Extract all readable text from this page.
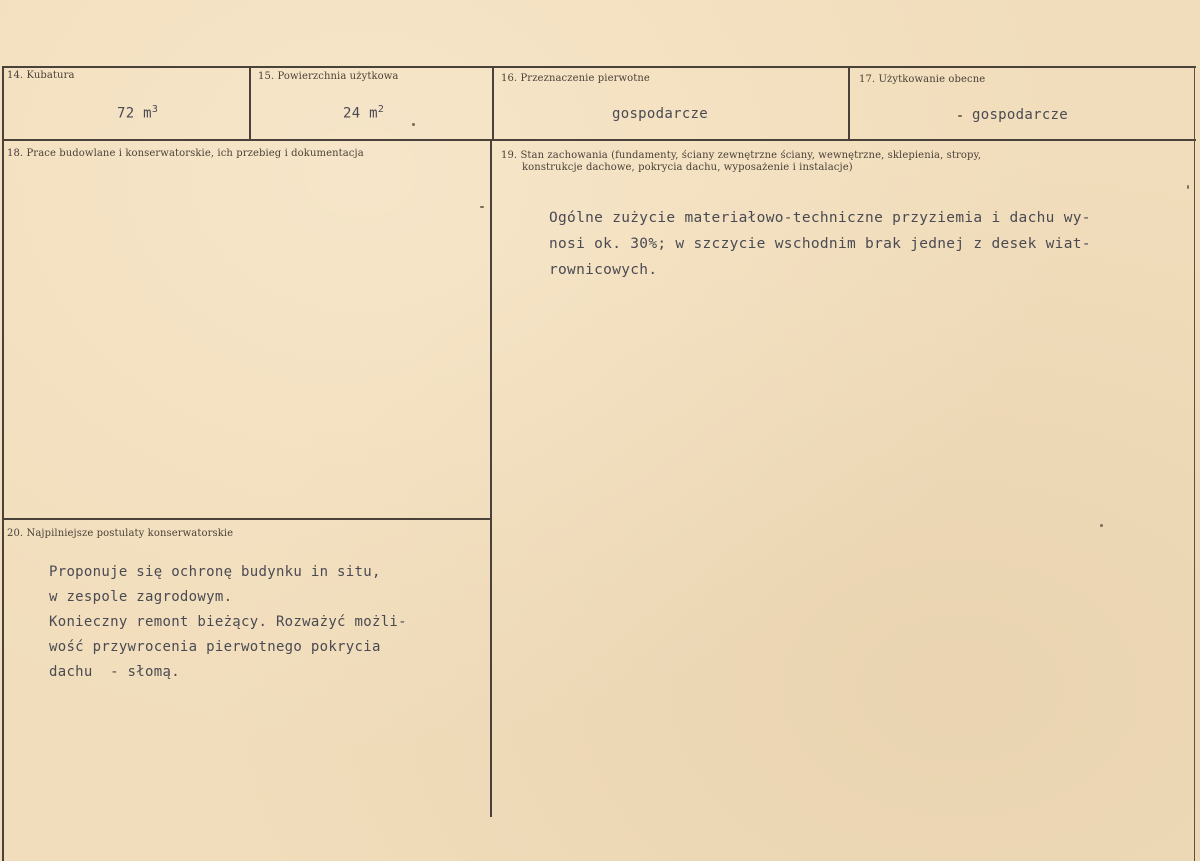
14. Kubatura
72 $m^3$
15. Powierzchnia użytkowa
24 $m^2$
16. Przeznaczenie pierwotne
gospodarcze
17. Użytkowanie obecne
gospodarcze
18. Prace budowlane i konserwatorskie, ich przebieg i dokumentacja	19. Stan zachowania (fundamenty, ściany zewnętrzne ściany, wewnętrzne, sklepienia, stropy,
konstrukcje dachowe, pokrycia dachu, wyposażenie i instalacje)
Ogólne zużycie materiałowo-techniczne przyziemia i dachu wy-
nosi ok. 30%; w szczycie wschodnim brak jednej z desek wiat-
rownicowych.
20. Najpilniejsze postulaty konserwatorskie
Proponuje się ochronę budynku in situ,
w zespole zagrodowym.
Konieczny remont bieżący. Rozważyć możli-
wość przywrocenia pierwotnego pokrycia
dachu  - słomą.
